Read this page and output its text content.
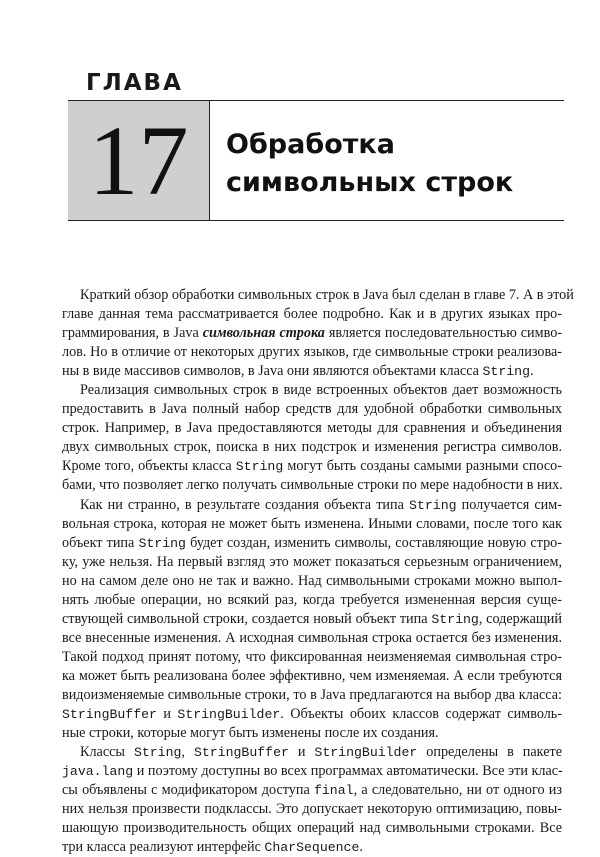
ГЛАВА
17	Обработка
символьных строк
Краткий обзор обработки символьных строк в Java был сделан в главе 7. А в этой
главе данная тема рассматривается более подробно. Как и в других языках про-
граммирования, в Java символьная строка является последовательностью симво-
лов. Но в отличие от некоторых других языков, где символьные строки реализова-
ны в виде массивов символов, в Java они являются объектами класса String.
Реализация символьных строк в виде встроенных объектов дает возможность
предоставить в Java полный набор средств для удобной обработки символьных
строк. Например, в Java предоставляются методы для сравнения и объединения
двух символьных строк, поиска в них подстрок и изменения регистра символов.
Кроме того, объекты класса String могут быть созданы самыми разными спосо-
бами, что позволяет легко получать символьные строки по мере надобности в них.
Как ни странно, в результате создания объекта типа String получается сим-
вольная строка, которая не может быть изменена. Иными словами, после того как
объект типа String будет создан, изменить символы, составляющие новую стро-
ку, уже нельзя. На первый взгляд это может показаться серьезным ограничением,
но на самом деле оно не так и важно. Над символьными строками можно выпол-
нять любые операции, но всякий раз, когда требуется измененная версия суще-
ствующей символьной строки, создается новый объект типа String, содержащий
все внесенные изменения. А исходная символьная строка остается без изменения.
Такой подход принят потому, что фиксированная неизменяемая символьная стро-
ка может быть реализована более эффективно, чем изменяемая. А если требуются
видоизменяемые символьные строки, то в Java предлагаются на выбор два класса:
StringBuffer и StringBuilder. Объекты обоих классов содержат символь-
ные строки, которые могут быть изменены после их создания.
Классы String, StringBuffer и StringBuilder определены в пакете
java.lang и поэтому доступны во всех программах автоматически. Все эти клас-
сы объявлены с модификатором доступа final, а следовательно, ни от одного из
них нельзя произвести подклассы. Это допускает некоторую оптимизацию, повы-
шающую производительность общих операций над символьными строками. Все
три класса реализуют интерфейс CharSequence.
